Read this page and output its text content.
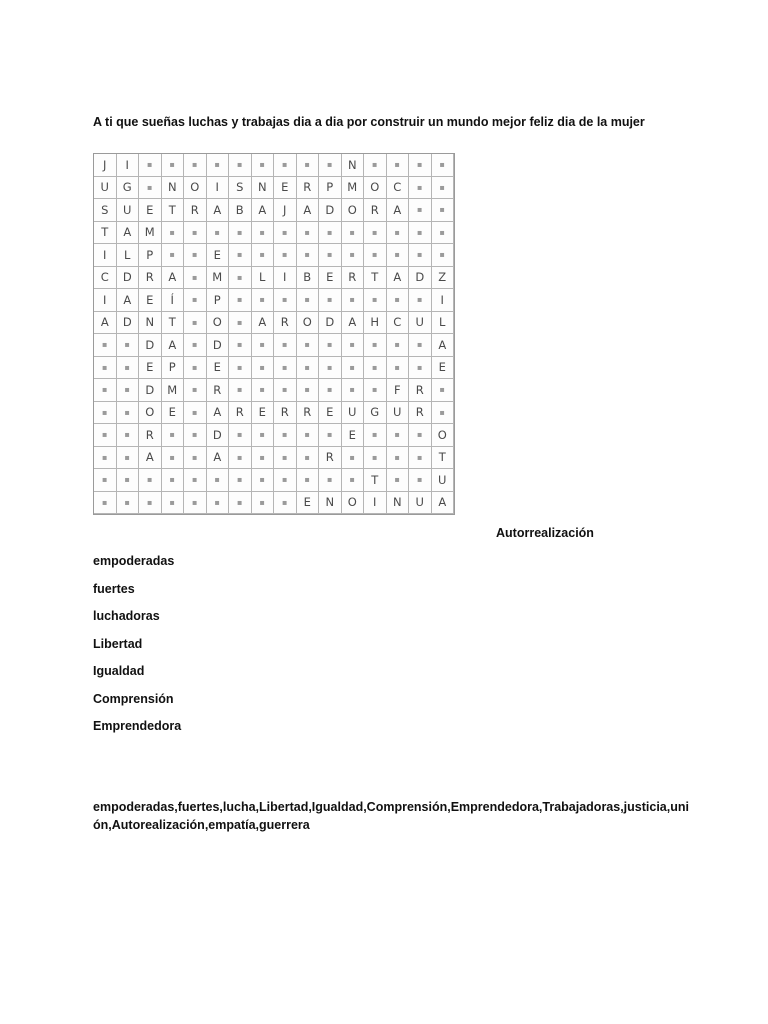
A ti que sueñas luchas y trabajas dia a dia por construir un mundo mejor feliz dia de la mujer
J	I	▪	▪	▪	▪	▪	▪	▪	▪	▪	N	▪	▪	▪	▪
U	G	▪	N	O	I	S	N	E	R	P	M	O	C	▪	▪
S	U	E	T	R	A	B	A	J	A	D	O	R	A	▪	▪
T	A	M	▪	▪	▪	▪	▪	▪	▪	▪	▪	▪	▪	▪	▪
I	L	P	▪	▪	E	▪	▪	▪	▪	▪	▪	▪	▪	▪	▪
C	D	R	A	▪	M	▪	L	I	B	E	R	T	A	D	Z
I	A	E	Í	▪	P	▪	▪	▪	▪	▪	▪	▪	▪	▪	I
A	D	N	T	▪	O	▪	A	R	O	D	A	H	C	U	L
▪	▪	D	A	▪	D	▪	▪	▪	▪	▪	▪	▪	▪	▪	A
▪	▪	E	P	▪	E	▪	▪	▪	▪	▪	▪	▪	▪	▪	E
▪	▪	D	M	▪	R	▪	▪	▪	▪	▪	▪	▪	F	R	▪
▪	▪	O	E	▪	A	R	E	R	R	E	U	G	U	R	▪
▪	▪	R	▪	▪	D	▪	▪	▪	▪	▪	E	▪	▪	▪	O
▪	▪	A	▪	▪	A	▪	▪	▪	▪	R	▪	▪	▪	▪	T
▪	▪	▪	▪	▪	▪	▪	▪	▪	▪	▪	▪	T	▪	▪	U
▪	▪	▪	▪	▪	▪	▪	▪	▪	E	N	O	I	N	U	A
Autorrealización
empoderadas
fuertes
luchadoras
Libertad
Igualdad
Comprensión
Emprendedora
empoderadas,fuertes,lucha,Libertad,Igualdad,Comprensión,Emprendedora,Trabajadoras,justicia,unión,Autorealización,empatía,guerrera
